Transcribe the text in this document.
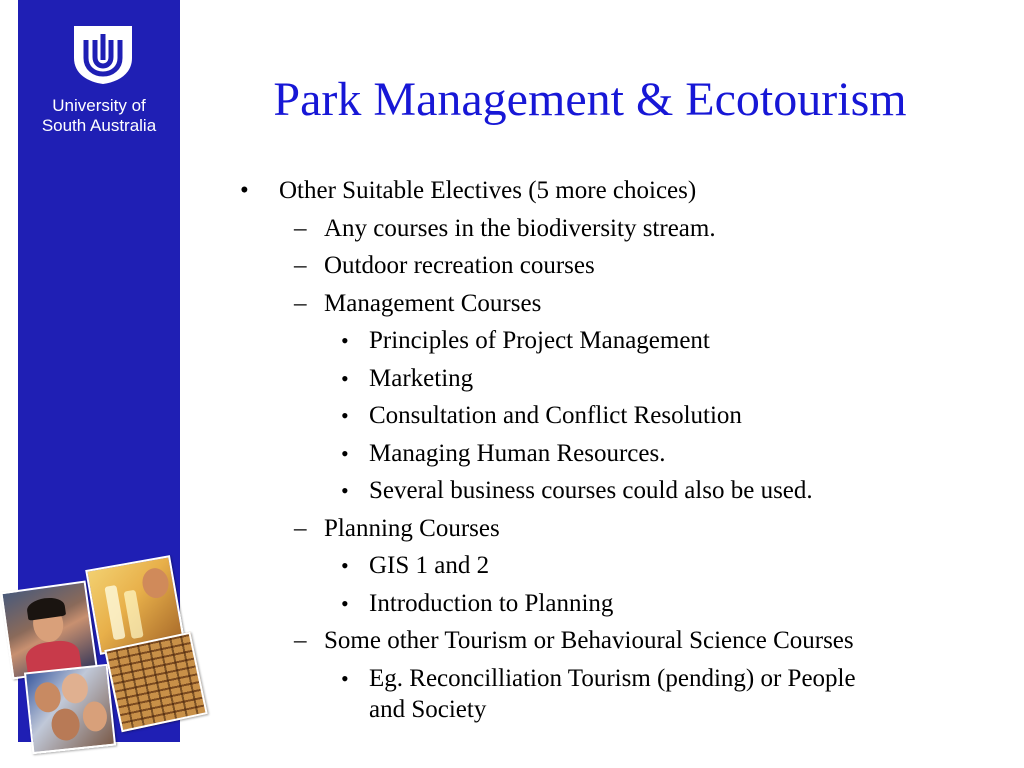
University of
South Australia	Park Management & Ecotourism
• Other Suitable Electives (5 more choices)
– Any courses in the biodiversity stream.
– Outdoor recreation courses
– Management Courses
• Principles of Project Management
• Marketing
• Consultation and Conflict Resolution
• Managing Human Resources.
• Several business courses could also be used.
– Planning Courses
• GIS 1 and 2
• Introduction to Planning
– Some other Tourism or Behavioural Science Courses
• Eg. Reconcilliation Tourism (pending) or People
and Society
